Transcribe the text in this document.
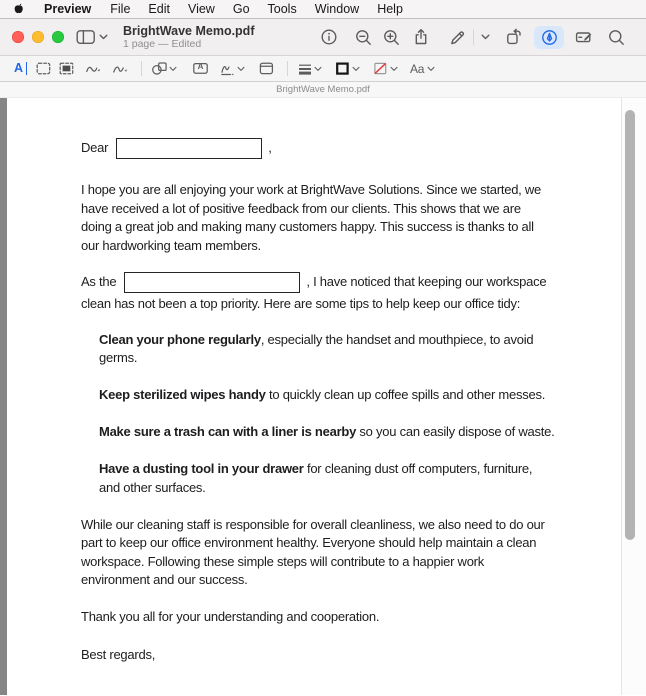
Preview	File	Edit	View	Go	Tools	Window	Help
BrightWave Memo.pdf
1 page — Edited
A	A	Aa
BrightWave Memo.pdf
Dear	,
I hope you are all enjoying your work at BrightWave Solutions. Since we started, we
have received a lot of positive feedback from our clients. This shows that we are
doing a great job and making many customers happy. This success is thanks to all
our hardworking team members.
As the	, I have noticed that keeping our workspace
clean has not been a top priority. Here are some tips to help keep our office tidy:
Clean your phone regularly, especially the handset and mouthpiece, to avoid
germs.
Keep sterilized wipes handy to quickly clean up coffee spills and other messes.
Make sure a trash can with a liner is nearby so you can easily dispose of waste.
Have a dusting tool in your drawer for cleaning dust off computers, furniture,
and other surfaces.
While our cleaning staff is responsible for overall cleanliness, we also need to do our
part to keep our office environment healthy. Everyone should help maintain a clean
workspace. Following these simple steps will contribute to a happier work
environment and our success.
Thank you all for your understanding and cooperation.
Best regards,
